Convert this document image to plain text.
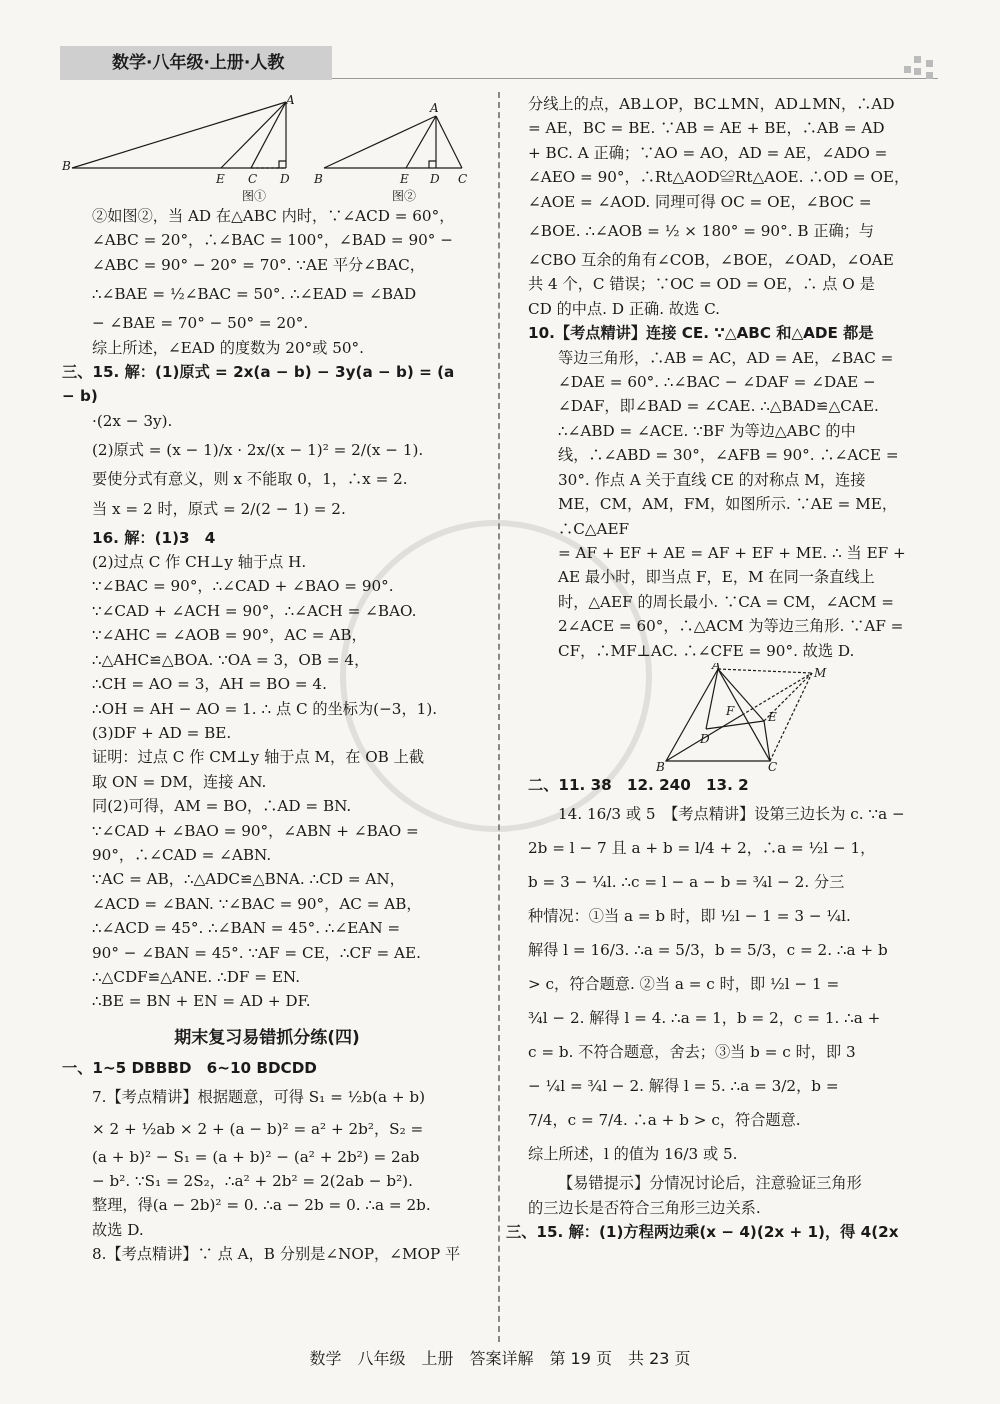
数学·八年级·上册·人教
B
E C D
A
B	E D C
A
图①	图②

②如图②，当 AD 在△ABC 内时，∵∠ACD = 60°，

∠ABC = 20°，∴∠BAC = 100°，∠BAD = 90° −

∠ABC = 90° − 20° = 70°. ∵AE 平分∠BAC，

∴∠BAE = ½∠BAC = 50°. ∴∠EAD = ∠BAD

− ∠BAE = 70° − 50° = 20°.

综上所述，∠EAD 的度数为 20°或 50°.

三、15. 解：(1)原式 = 2x(a − b) − 3y(a − b) = (a − b)

·(2x − 3y).

(2)原式 = (x − 1)/x · 2x/(x − 1)² = 2/(x − 1).

要使分式有意义，则 x 不能取 0，1，∴x = 2.

当 x = 2 时，原式 = 2/(2 − 1) = 2.

16. 解：(1)3　4

(2)过点 C 作 CH⊥y 轴于点 H.

∵∠BAC = 90°，∴∠CAD + ∠BAO = 90°.

∵∠CAD + ∠ACH = 90°，∴∠ACH = ∠BAO.

∵∠AHC = ∠AOB = 90°，AC = AB，

∴△AHC≌△BOA. ∵OA = 3，OB = 4，

∴CH = AO = 3，AH = BO = 4.

∴OH = AH − AO = 1. ∴ 点 C 的坐标为(−3，1).

(3)DF + AD = BE.

证明：过点 C 作 CM⊥y 轴于点 M，在 OB 上截

取 ON = DM，连接 AN.

同(2)可得，AM = BO，∴AD = BN.

∵∠CAD + ∠BAO = 90°，∠ABN + ∠BAO =

90°，∴∠CAD = ∠ABN.

∵AC = AB，∴△ADC≌△BNA. ∴CD = AN，

∠ACD = ∠BAN. ∵∠BAC = 90°，AC = AB，

∴∠ACD = 45°. ∴∠BAN = 45°. ∴∠EAN =

90° − ∠BAN = 45°. ∵AF = CE，∴CF = AE.

∴△CDF≌△ANE. ∴DF = EN.

∴BE = BN + EN = AD + DF.

期末复习易错抓分练(四)

一、1~5 DBBBD　6~10 BDCDD

7.【考点精讲】根据题意，可得 S₁ = ½b(a + b)

× 2 + ½ab × 2 + (a − b)² = a² + 2b²，S₂ =

(a + b)² − S₁ = (a + b)² − (a² + 2b²) = 2ab

− b². ∵S₁ = 2S₂，∴a² + 2b² = 2(2ab − b²).

整理，得(a − 2b)² = 0. ∴a − 2b = 0. ∴a = 2b.

故选 D.

8.【考点精讲】∵ 点 A，B 分别是∠NOP，∠MOP 平

分线上的点，AB⊥OP，BC⊥MN，AD⊥MN，∴AD

= AE，BC = BE. ∵AB = AE + BE，∴AB = AD

+ BC. A 正确；∵AO = AO，AD = AE，∠ADO =

∠AEO = 90°，∴Rt△AOD≌Rt△AOE. ∴OD = OE，

∠AOE = ∠AOD. 同理可得 OC = OE，∠BOC =

∠BOE. ∴∠AOB = ½ × 180° = 90°. B 正确；与

∠CBO 互余的角有∠COB，∠BOE，∠OAD，∠OAE

共 4 个，C 错误；∵OC = OD = OE，∴ 点 O 是

CD 的中点. D 正确. 故选 C.

10.【考点精讲】连接 CE. ∵△ABC 和△ADE 都是

等边三角形，∴AB = AC，AD = AE，∠BAC =

∠DAE = 60°. ∴∠BAC − ∠DAF = ∠DAE −

∠DAF，即∠BAD = ∠CAE. ∴△BAD≌△CAE.

∴∠ABD = ∠ACE. ∵BF 为等边△ABC 的中

线，∴∠ABD = 30°，∠AFB = 90°. ∴∠ACE =

30°. 作点 A 关于直线 CE 的对称点 M，连接

ME，CM，AM，FM，如图所示. ∵AE = ME，∴C△AEF

= AF + EF + AE = AF + EF + ME. ∴ 当 EF +

AE 最小时，即当点 F，E，M 在同一条直线上

时，△AEF 的周长最小. ∵CA = CM，∠ACM =

2∠ACE = 60°，∴△ACM 为等边三角形. ∵AF =

CF，∴MF⊥AC. ∴∠CFE = 90°. 故选 D.

A
M
F	E
D
B	C

二、11. 38　12. 240　13. 2

14. 16/3 或 5　【考点精讲】设第三边长为 c. ∵a −

2b = l − 7 且 a + b = l/4 + 2，∴a = ½l − 1，

b = 3 − ¼l. ∴c = l − a − b = ¾l − 2. 分三

种情况：①当 a = b 时，即 ½l − 1 = 3 − ¼l.

解得 l = 16/3. ∴a = 5/3，b = 5/3，c = 2. ∴a + b

> c，符合题意. ②当 a = c 时，即 ½l − 1 =

¾l − 2. 解得 l = 4. ∴a = 1，b = 2，c = 1. ∴a +

c = b. 不符合题意，舍去；③当 b = c 时，即 3

− ¼l = ¾l − 2. 解得 l = 5. ∴a = 3/2，b =

7/4，c = 7/4. ∴a + b > c，符合题意.

综上所述，l 的值为 16/3 或 5.

【易错提示】分情况讨论后，注意验证三角形

的三边长是否符合三角形三边关系.

三、15. 解：(1)方程两边乘(x − 4)(2x + 1)，得 4(2x

数学　八年级　上册　答案详解　第 19 页　共 23 页
